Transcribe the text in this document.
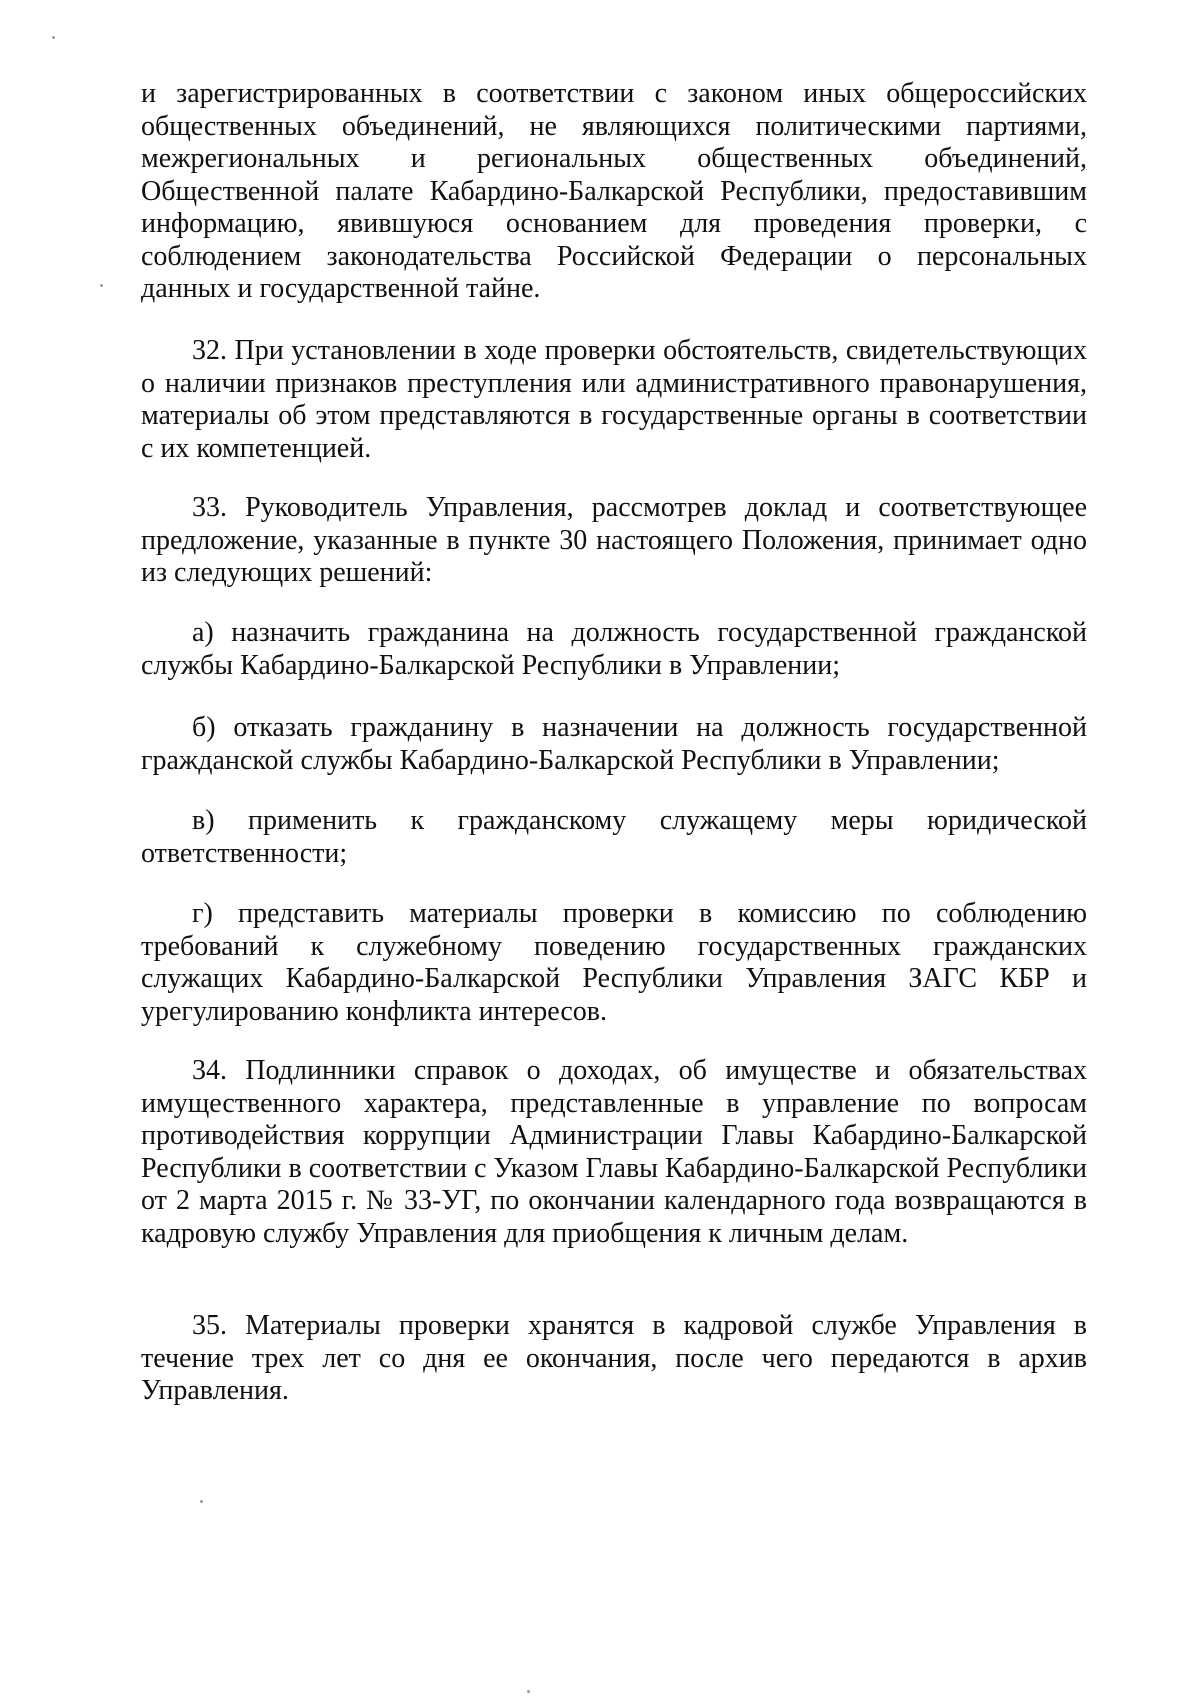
и зарегистрированных в соответствии с законом иных общероссийских общественных объединений, не являющихся политическими партиями, межрегиональных и региональных общественных объединений, Общественной палате Кабардино-Балкарской Республики, предоставившим информацию, явившуюся основанием для проведения проверки, с соблюдением законодательства Российской Федерации о персональных данных и государственной тайне.

32. При установлении в ходе проверки обстоятельств, свидетельствующих о наличии признаков преступления или административного правонарушения, материалы об этом представляются в государственные органы в соответствии с их компетенцией.

33. Руководитель Управления, рассмотрев доклад и соответствующее предложение, указанные в пункте 30 настоящего Положения, принимает одно из следующих решений:

а) назначить гражданина на должность государственной гражданской службы Кабардино-Балкарской Республики в Управлении;

б) отказать гражданину в назначении на должность государственной гражданской службы Кабардино-Балкарской Республики в Управлении;

в) применить к гражданскому служащему меры юридической ответственности;

г) представить материалы проверки в комиссию по соблюдению требований к служебному поведению государственных гражданских служащих Кабардино-Балкарской Республики Управления ЗАГС КБР и урегулированию конфликта интересов.

34. Подлинники справок о доходах, об имуществе и обязательствах имущественного характера, представленные в управление по вопросам противодействия коррупции Администрации Главы Кабардино-Балкарской Республики в соответствии с Указом Главы Кабардино-Балкарской Республики от 2 марта 2015 г. № 33-УГ, по окончании календарного года возвращаются в кадровую службу Управления для приобщения к личным делам.

35. Материалы проверки хранятся в кадровой службе Управления в течение трех лет со дня ее окончания, после чего передаются в архив Управления.
